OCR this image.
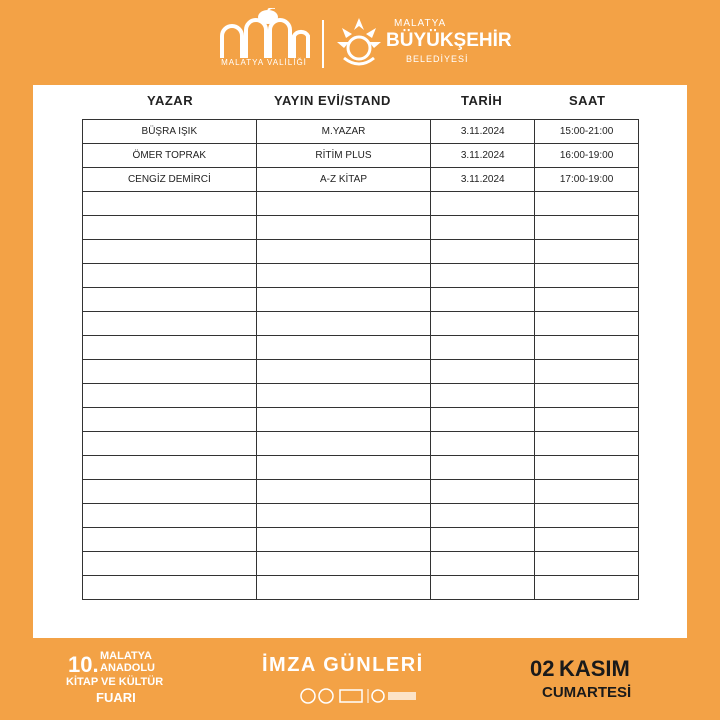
MALATYA VALİLİĞİ
MALATYA
BÜYÜKŞEHİR
BELEDİYESİ
YAZAR	YAYIN EVİ/STAND	TARİH	SAAT
BÜŞRA IŞIK	M.YAZAR	3.11.2024	15:00-21:00
ÖMER TOPRAK	RİTİM PLUS	3.11.2024	16:00-19:00
CENGİZ DEMİRCİ	A-Z KİTAP	3.11.2024	17:00-19:00

10. MALATYA
ANADOLU
KİTAP VE KÜLTÜR
FUARI
İMZA GÜNLERİ	02 KASIM
CUMARTESİ
